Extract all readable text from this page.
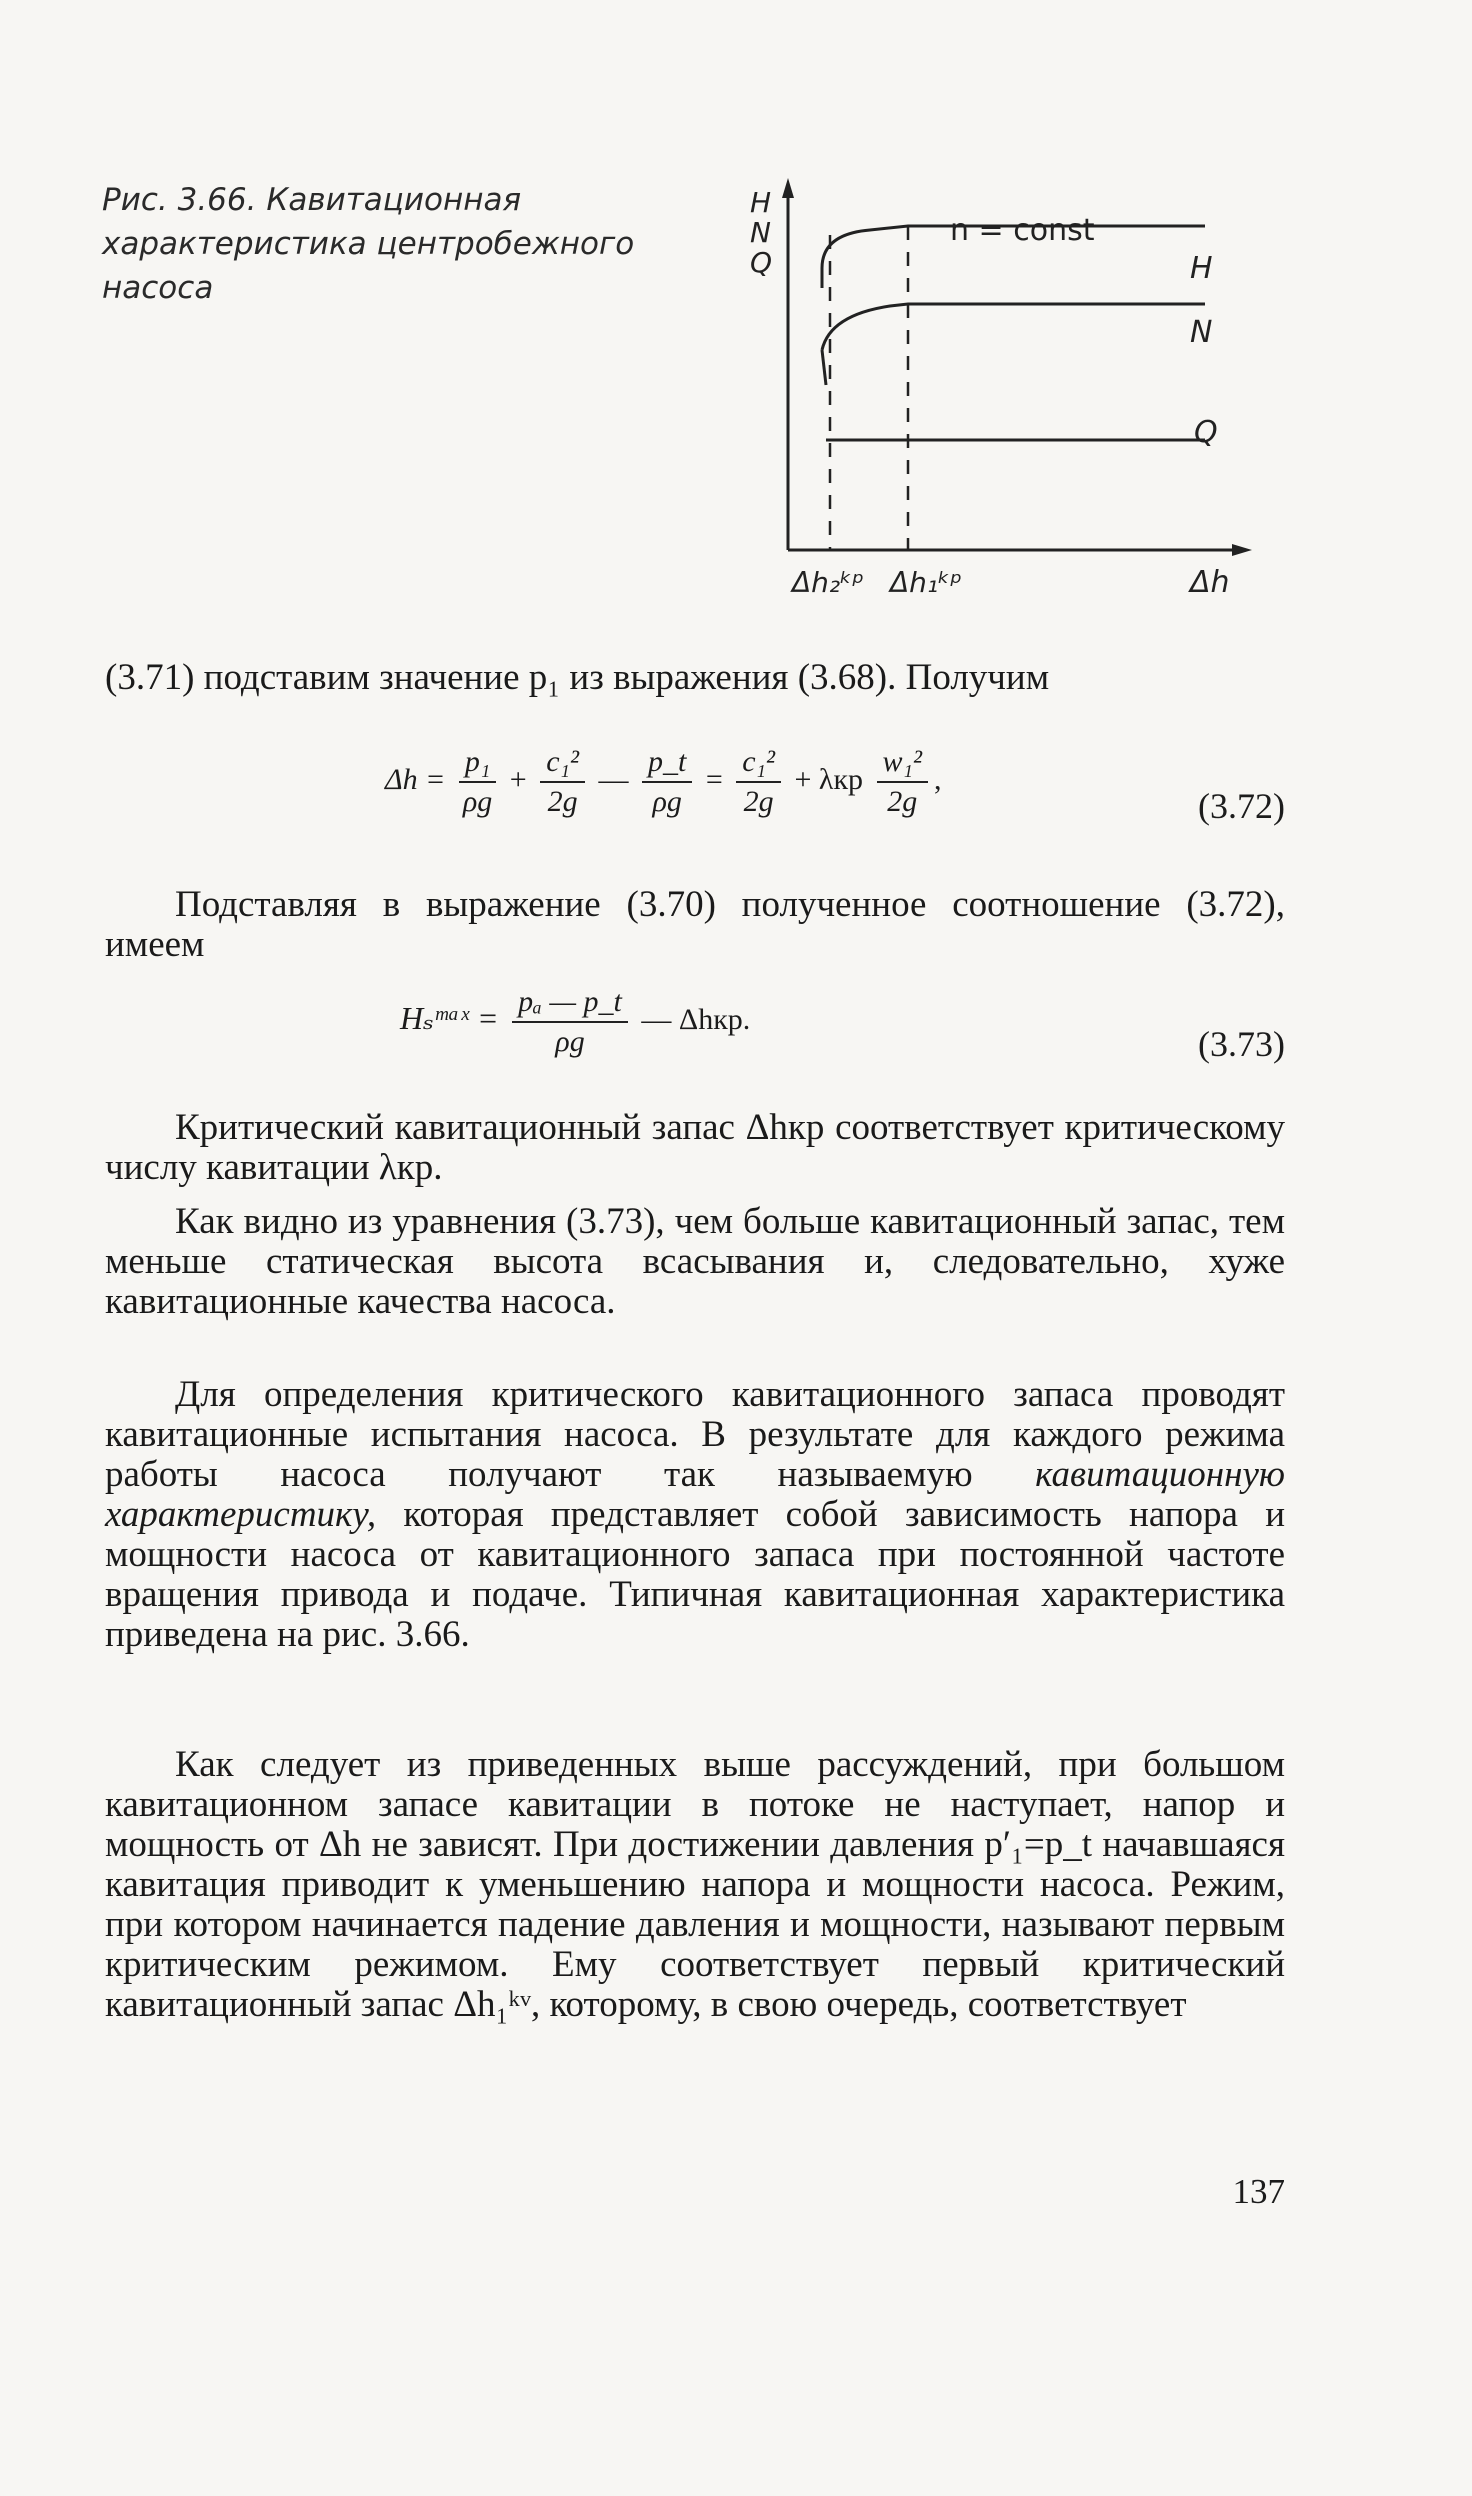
Рис. 3.66. Кавитационная характеристика центробежного насоса
H
N
Q
n = const
H
N
Q
Δh₂ᵏᵖ Δh₁ᵏᵖ	Δh
(3.71) подставим значение p₁ из выражения (3.68). Получим
$\Delta h = \frac{\text{p₁}}{\rho g} + \frac{\text{c₁²}}{2g}$ — $\frac{p\_t}{\rho g} = \frac{\text{c₁²}}{2g} + \lambda кр \frac{\text{w₁²}}{2g}$ ,
(3.72)
Подставляя в выражение (3.70) полученное соотношение (3.72), имеем
Hₛᵐᵃˣ = $\frac{\text{pₐ — p\_t}}{\rho g}$ — Δhкр.
(3.73)
Критический кавитационный запас Δhкр соответствует критическому числу кавитации λкр.
Как видно из уравнения (3.73), чем больше кавитационный запас, тем меньше статическая высота всасывания и, следовательно, хуже кавитационные качества насоса.
Для определения критического кавитационного запаса проводят кавитационные испытания насоса. В результате для каждого режима работы насоса получают так называемую кавитационную характеристику, которая представляет собой зависимость напора и мощности насоса от кавитационного запаса при постоянной частоте вращения привода и подаче. Типичная кавитационная характеристика приведена на рис. 3.66.
Как следует из приведенных выше рассуждений, при большом кавитационном запасе кавитации в потоке не наступает, напор и мощность от Δh не зависят. При достижении давления p′₁=p_t начавшаяся кавитация приводит к уменьшению напора и мощности насоса. Режим, при котором начинается падение давления и мощности, называют первым критическим режимом. Ему соответствует первый критический кавитационный запас Δh₁ᵏᵛ, которому, в свою очередь, соответствует
137
